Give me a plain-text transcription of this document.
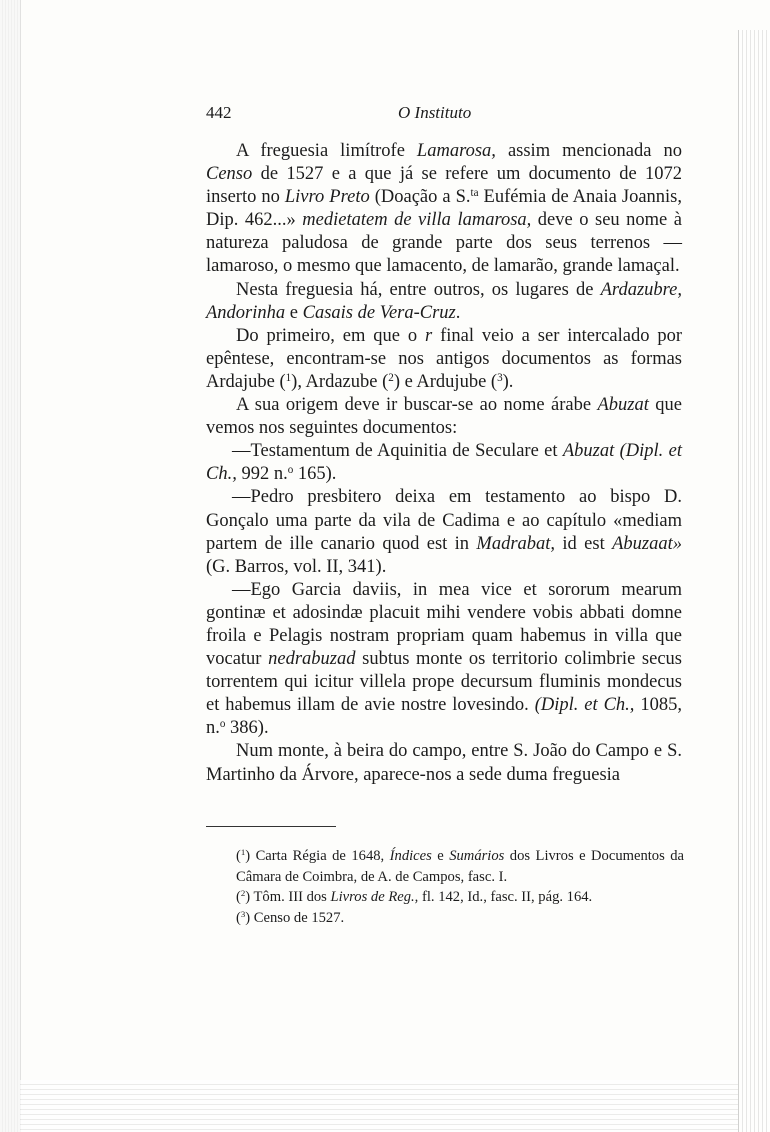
442	O Instituto

A freguesia limítrofe Lamarosa, assim mencionada no Censo de 1527 e a que já se refere um documento de 1072 inserto no Livro Preto (Doação a S.$^{ta}$ Eufémia de Anaia Joannis, Dip. 462...» medietatem de villa lamarosa, deve o seu nome à natureza paludosa de grande parte dos seus terrenos — lamaroso, o mesmo que lamacento, de lamarão, grande lamaçal.

Nesta freguesia há, entre outros, os lugares de Ardazubre, Andorinha e Casais de Vera-Cruz.

Do primeiro, em que o r final veio a ser intercalado por epêntese, encontram-se nos antigos documentos as formas Ardajube ($^1$), Ardazube ($^2$) e Ardujube ($^3$).

A sua origem deve ir buscar-se ao nome árabe Abuzat que vemos nos seguintes documentos:

—Testamentum de Aquinitia de Seculare et Abuzat (Dipl. et Ch., 992 n.$^o$ 165).

—Pedro presbitero deixa em testamento ao bispo D. Gonçalo uma parte da vila de Cadima e ao capítulo «mediam partem de ille canario quod est in Madrabat, id est Abuzaat» (G. Barros, vol. II, 341).

—Ego Garcia daviis, in mea vice et sororum mearum gontinæ et adosindæ placuit mihi vendere vobis abbati domne froila e Pelagis nostram propriam quam habemus in villa que vocatur nedrabuzad subtus monte os territorio colimbrie secus torrentem qui icitur villela prope decursum fluminis mondecus et habemus illam de avie nostre lovesindo. (Dipl. et Ch., 1085, n.$^o$ 386).

Num monte, à beira do campo, entre S. João do Campo e S. Martinho da Árvore, aparece-nos a sede duma freguesia

($^1$) Carta Régia de 1648, Índices e Sumários dos Livros e Documentos da Câmara de Coimbra, de A. de Campos, fasc. I.

($^2$) Tôm. III dos Livros de Reg., fl. 142, Id., fasc. II, pág. 164.

($^3$) Censo de 1527.
